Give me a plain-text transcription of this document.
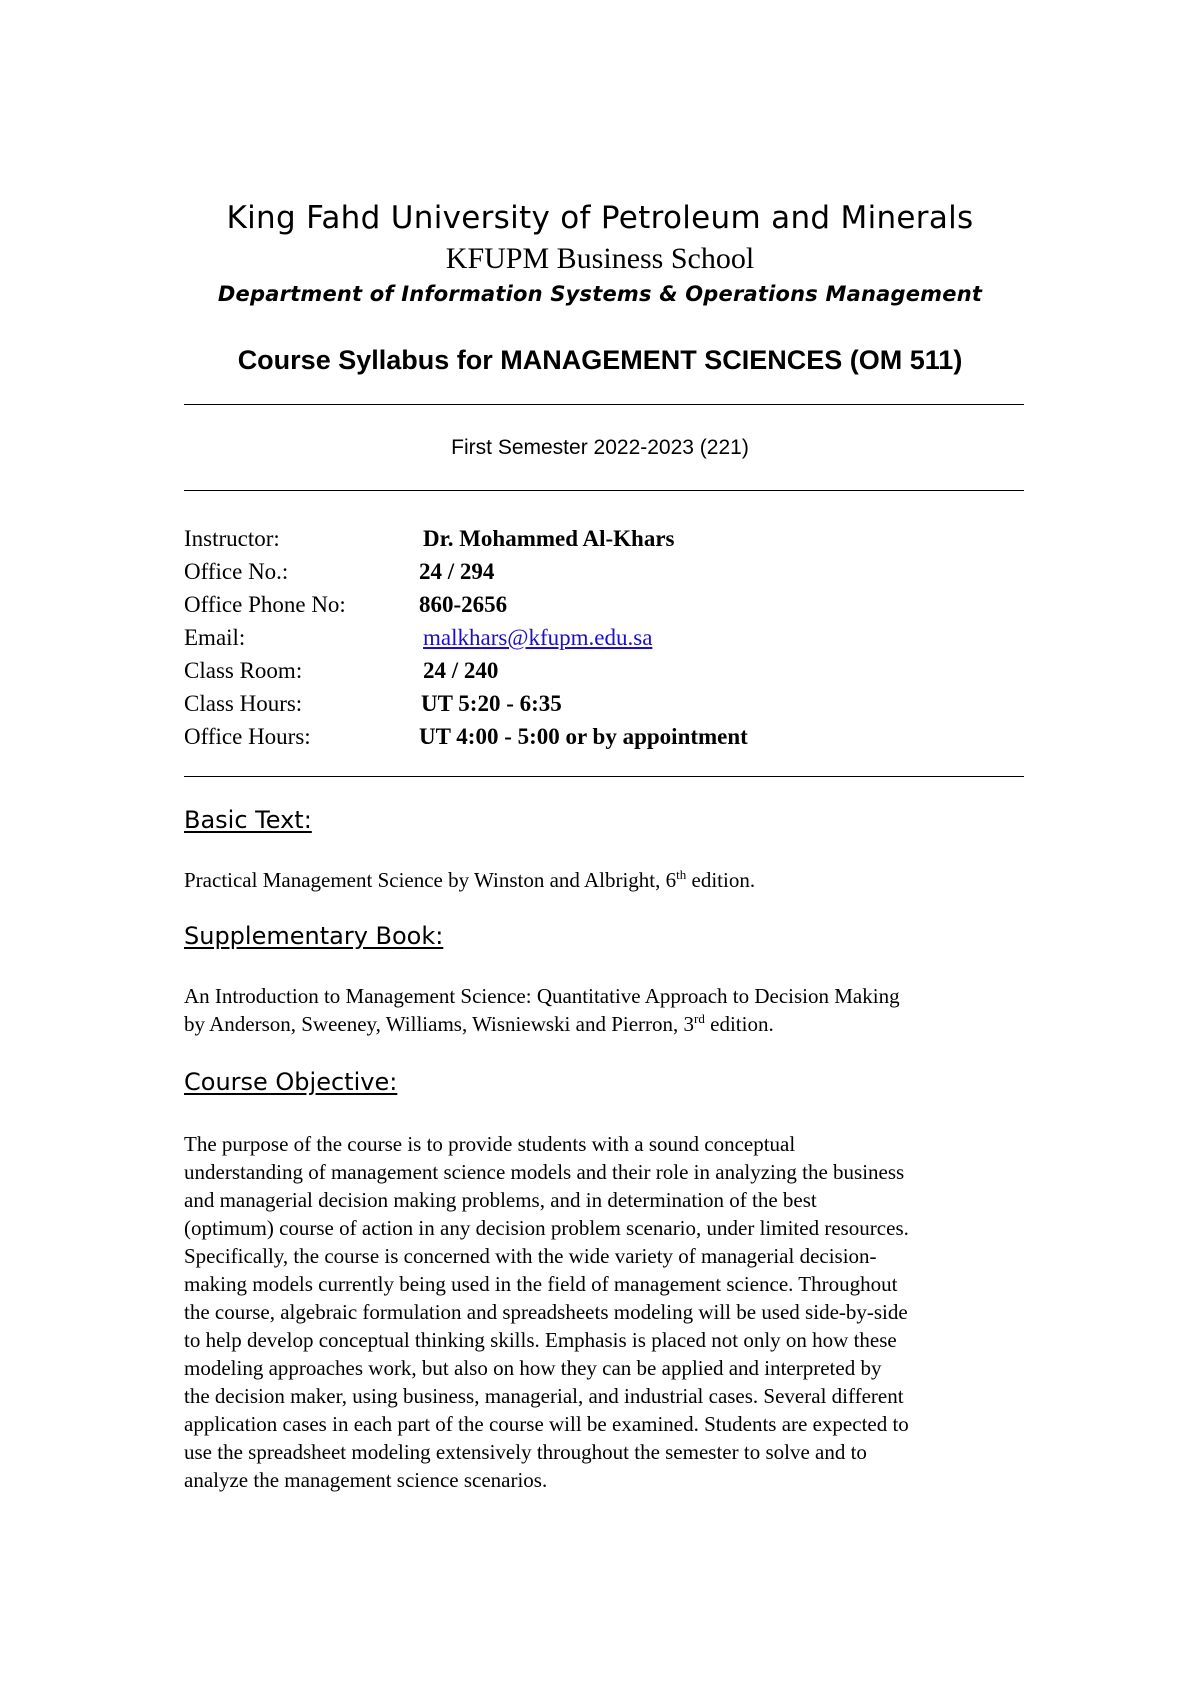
King Fahd University of Petroleum and Minerals
KFUPM Business School
Department of Information Systems & Operations Management
Course Syllabus for MANAGEMENT SCIENCES (OM 511)
First Semester 2022-2023 (221)
Instructor:	Dr. Mohammed Al-Khars
Office No.:	24 / 294
Office Phone No:	860-2656
Email:	malkhars@kfupm.edu.sa
Class Room:	24 / 240
Class Hours:	UT 5:20 - 6:35
Office Hours:	UT 4:00 - 5:00 or by appointment
Basic Text:
Practical Management Science by Winston and Albright, 6th edition.
Supplementary Book:
An Introduction to Management Science: Quantitative Approach to Decision Making
by Anderson, Sweeney, Williams, Wisniewski and Pierron, 3rd edition.
Course Objective:
The purpose of the course is to provide students with a sound conceptual
understanding of management science models and their role in analyzing the business
and managerial decision making problems, and in determination of the best
(optimum) course of action in any decision problem scenario, under limited resources.
Specifically, the course is concerned with the wide variety of managerial decision-
making models currently being used in the field of management science. Throughout
the course, algebraic formulation and spreadsheets modeling will be used side-by-side
to help develop conceptual thinking skills. Emphasis is placed not only on how these
modeling approaches work, but also on how they can be applied and interpreted by
the decision maker, using business, managerial, and industrial cases. Several different
application cases in each part of the course will be examined. Students are expected to
use the spreadsheet modeling extensively throughout the semester to solve and to
analyze the management science scenarios.
